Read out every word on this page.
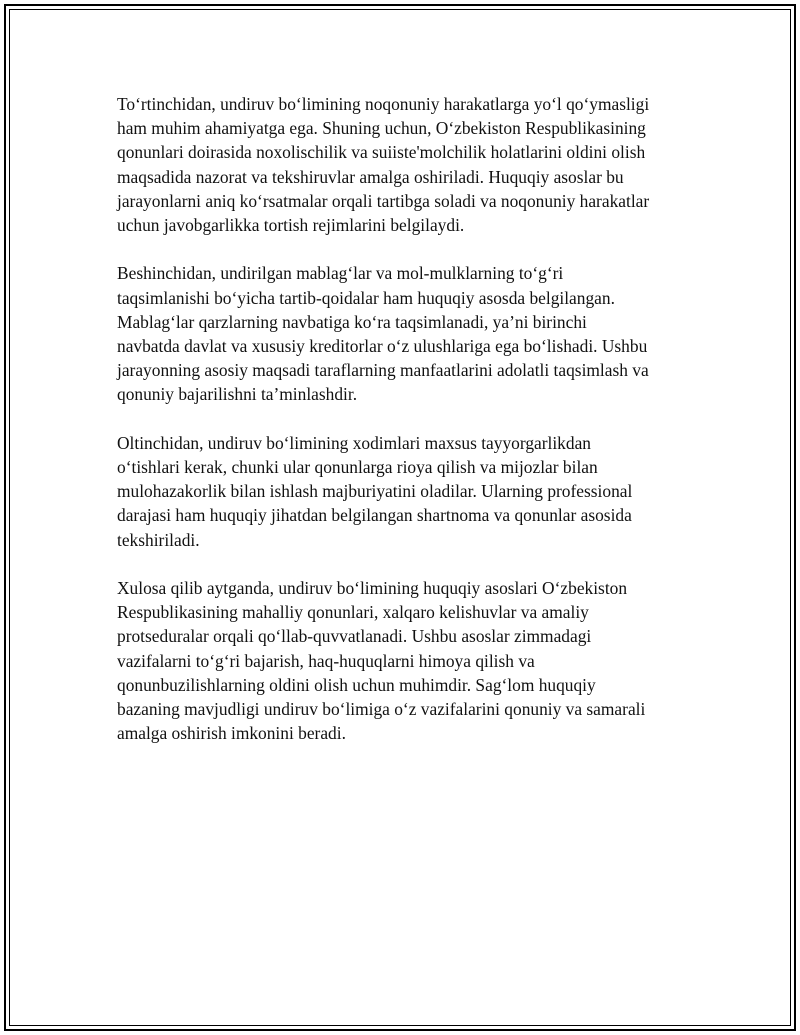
To‘rtinchidan, undiruv bo‘limining noqonuniy harakatlarga yo‘l qo‘ymasligi
ham muhim ahamiyatga ega. Shuning uchun, O‘zbekiston Respublikasining
qonunlari doirasida noxolischilik va suiiste'molchilik holatlarini oldini olish
maqsadida nazorat va tekshiruvlar amalga oshiriladi. Huquqiy asoslar bu
jarayonlarni aniq ko‘rsatmalar orqali tartibga soladi va noqonuniy harakatlar
uchun javobgarlikka tortish rejimlarini belgilaydi.

Beshinchidan, undirilgan mablag‘lar va mol-mulklarning to‘g‘ri
taqsimlanishi bo‘yicha tartib-qoidalar ham huquqiy asosda belgilangan.
Mablag‘lar qarzlarning navbatiga ko‘ra taqsimlanadi, ya’ni birinchi
navbatda davlat va xususiy kreditorlar o‘z ulushlariga ega bo‘lishadi. Ushbu
jarayonning asosiy maqsadi taraflarning manfaatlarini adolatli taqsimlash va
qonuniy bajarilishni ta’minlashdir.

Oltinchidan, undiruv bo‘limining xodimlari maxsus tayyorgarlikdan
o‘tishlari kerak, chunki ular qonunlarga rioya qilish va mijozlar bilan
mulohazakorlik bilan ishlash majburiyatini oladilar. Ularning professional
darajasi ham huquqiy jihatdan belgilangan shartnoma va qonunlar asosida
tekshiriladi.

Xulosa qilib aytganda, undiruv bo‘limining huquqiy asoslari O‘zbekiston
Respublikasining mahalliy qonunlari, xalqaro kelishuvlar va amaliy
protseduralar orqali qo‘llab-quvvatlanadi. Ushbu asoslar zimmadagi
vazifalarni to‘g‘ri bajarish, haq-huquqlarni himoya qilish va
qonunbuzilishlarning oldini olish uchun muhimdir. Sag‘lom huquqiy
bazaning mavjudligi undiruv bo‘limiga o‘z vazifalarini qonuniy va samarali
amalga oshirish imkonini beradi.
